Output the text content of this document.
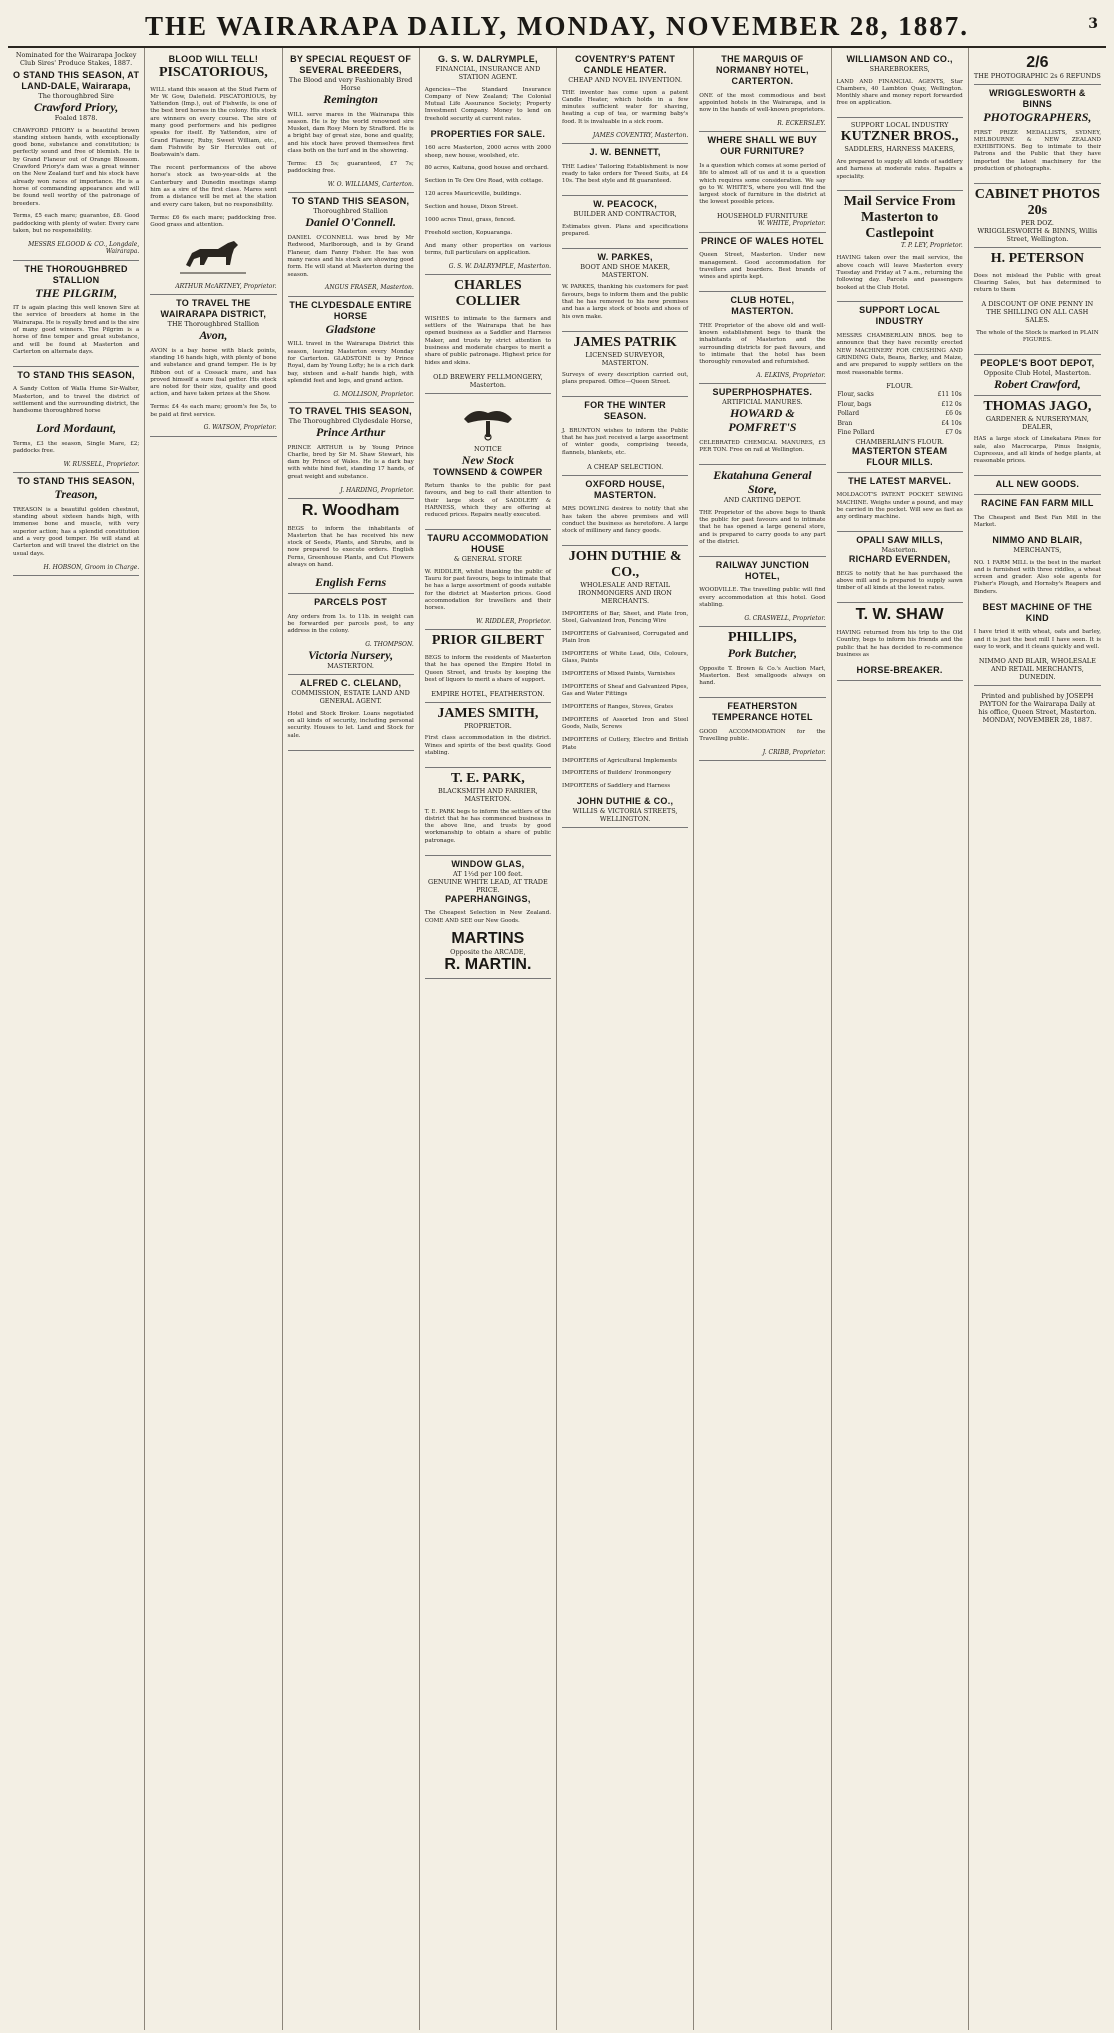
THE WAIRARAPA DAILY, MONDAY, NOVEMBER 28, 1887.	3
Nominated for the Wairarapa Jockey Club Sires' Produce Stakes, 1887.
O STAND THIS SEASON, AT LAND-DALE, Wairarapa,
The thoroughbred Sire
Crawford Priory,
Foaled 1878.

CRAWFORD PRIORY is a beautiful brown standing sixteen hands, with exceptionally good bone, substance and constitution; is perfectly sound and free of blemish. He is by Grand Flaneur out of Orange Blossom. Crawford Priory's dam was a great winner on the New Zealand turf and his stock have already won races of importance. He is a horse of commanding appearance and will be found well worthy of the patronage of breeders.

Terms, £5 each mare; guarantee, £8. Good paddocking with plenty of water. Every care taken, but no responsibility.

MESSRS ELGOOD & CO., Longdale, Wairarapa.
THE THOROUGHBRED STALLION
THE PILGRIM,

IT is again placing this well known Sire at the service of breeders at home in the Wairarapa. He is royally bred and is the sire of many good winners. The Pilgrim is a horse of fine temper and great substance, and will be found at Masterton and Carterton on alternate days.

TO STAND THIS SEASON,

A Sandy Cotton of Walla Hume Sir-Walter, Masterton, and to travel the district of settlement and the surrounding district, the handsome thoroughbred horse

Lord Mordaunt,

Terms, £3 the season, Single Mare, £2; paddocks free.

W. RUSSELL, Proprietor.
TO STAND THIS SEASON,
Treason,

TREASON is a beautiful golden chestnut, standing about sixteen hands high, with immense bone and muscle, with very superior action; has a splendid constitution and a very good temper. He will stand at Carterton and will travel the district on the usual days.

H. HOBSON, Groom in Charge.
BLOOD WILL TELL!
PISCATORIOUS,

WILL stand this season at the Stud Farm of Mr W. Gow, Dalefield. PISCATORIOUS, by Yattendon (Imp.), out of Fishwife, is one of the best bred horses in the colony. His stock are winners on every course. The sire of many good performers and his pedigree speaks for itself. By Yattendon, sire of Grand Flaneur, Ruby, Sweet William, etc., dam Fishwife by Sir Hercules out of Boatswain's dam.

The recent performances of the above horse's stock as two-year-olds at the Canterbury and Dunedin meetings stamp him as a sire of the first class. Mares sent from a distance will be met at the station and every care taken, but no responsibility.

Terms: £6 6s each mare; paddocking free. Good grass and attention.

ARTHUR McARTNEY, Proprietor.
TO TRAVEL THE WAIRARAPA DISTRICT,
THE Thoroughbred Stallion
Avon,

AVON is a bay horse with black points, standing 16 hands high, with plenty of bone and substance and grand temper. He is by Ribbon out of a Cossack mare, and has proved himself a sure foal getter. His stock are noted for their size, quality and good action, and have taken prizes at the Show.

Terms: £4 4s each mare; groom's fee 5s, to be paid at first service.

G. WATSON, Proprietor.
BY SPECIAL REQUEST OF SEVERAL BREEDERS,
The Blood and very Fashionably Bred Horse
Remington

WILL serve mares in the Wairarapa this season. He is by the world renowned sire Musket, dam Rosy Morn by Strafford. He is a bright bay of great size, bone and quality, and his stock have proved themselves first class both on the turf and in the showring.

Terms: £5 5s; guaranteed, £7 7s; paddocking free.

W. O. WILLIAMS, Carterton.
TO STAND THIS SEASON,
Thoroughbred Stallion
Daniel O'Connell.

DANIEL O'CONNELL was bred by Mr Redwood, Marlborough, and is by Grand Flaneur, dam Fanny Fisher. He has won many races and his stock are showing good form. He will stand at Masterton during the season.

ANGUS FRASER, Masterton.
THE CLYDESDALE ENTIRE HORSE
Gladstone

WILL travel in the Wairarapa District this season, leaving Masterton every Monday for Carterton. GLADSTONE is by Prince Royal, dam by Young Lofty; he is a rich dark bay, sixteen and a-half hands high, with splendid feet and legs, and grand action.

G. MOLLISON, Proprietor.
TO TRAVEL THIS SEASON,
The Thoroughbred Clydesdale Horse,
Prince Arthur

PRINCE ARTHUR is by Young Prince Charlie, bred by Sir M. Shaw Stewart, his dam by Prince of Wales. He is a dark bay with white hind feet, standing 17 hands, of great weight and substance.

J. HARDING, Proprietor.
R. Woodham

BEGS to inform the inhabitants of Masterton that he has received his new stock of Seeds, Plants, and Shrubs, and is now prepared to execute orders. English Ferns, Greenhouse Plants, and Cut Flowers always on hand.

English Ferns
PARCELS POST

Any orders from 1s. to 11b. in weight can be forwarded per parcels post, to any address in the colony.

G. THOMPSON.
Victoria Nursery,
MASTERTON.
ALFRED C. CLELAND,
COMMISSION, ESTATE LAND AND GENERAL AGENT.

Hotel and Stock Broker. Loans negotiated on all kinds of security, including personal security. Houses to let. Land and Stock for sale.

G. S. W. DALRYMPLE,
FINANCIAL, INSURANCE AND STATION AGENT.

Agencies—The Standard Insurance Company of New Zealand; The Colonial Mutual Life Assurance Society; Property Investment Company. Money to lend on freehold security at current rates.

PROPERTIES FOR SALE.

160 acre Masterton, 2000 acres with 2000 sheep, new house, woolshed, etc.

80 acres, Kaituna, good house and orchard.

Section in Te Ore Ore Road, with cottage.

120 acres Mauriceville, buildings.

Section and house, Dixon Street.

1000 acres Tinui, grass, fenced.

Freehold section, Kopuaranga.

And many other properties on various terms, full particulars on application.

G. S. W. DALRYMPLE, Masterton.
CHARLES COLLIER

WISHES to intimate to the farmers and settlers of the Wairarapa that he has opened business as a Saddler and Harness Maker, and trusts by strict attention to business and moderate charges to merit a share of public patronage. Highest price for hides and skins.

OLD BREWERY FELLMONGERY, Masterton.
NOTICE
New Stock
TOWNSEND & COWPER

Return thanks to the public for past favours, and beg to call their attention to their large stock of SADDLERY & HARNESS, which they are offering at reduced prices. Repairs neatly executed.

TAURU ACCOMMODATION HOUSE
& GENERAL STORE

W. RIDDLER, whilst thanking the public of Tauru for past favours, begs to intimate that he has a large assortment of goods suitable for the district at Masterton prices. Good accommodation for travellers and their horses.

W. RIDDLER, Proprietor.
PRIOR GILBERT

BEGS to inform the residents of Masterton that he has opened the Empire Hotel in Queen Street, and trusts by keeping the best of liquors to merit a share of support.

EMPIRE HOTEL, FEATHERSTON.
JAMES SMITH,
PROPRIETOR.

First class accommodation in the district. Wines and spirits of the best quality. Good stabling.

T. E. PARK,
BLACKSMITH AND FARRIER, MASTERTON.

T. E. PARK begs to inform the settlers of the district that he has commenced business in the above line, and trusts by good workmanship to obtain a share of public patronage.

WINDOW GLAS,
AT 1½d per 100 feet.
GENUINE WHITE LEAD, AT TRADE PRICE.
PAPERHANGINGS,

The Cheapest Selection in New Zealand. COME AND SEE our New Goods.

MARTINS
Opposite the ARCADE,
R. MARTIN.
COVENTRY'S PATENT CANDLE HEATER.
CHEAP AND NOVEL INVENTION.

THE inventor has come upon a patent Candle Heater, which holds in a few minutes sufficient water for shaving, heating a cup of tea, or warming baby's food. It is invaluable in a sick room.

JAMES COVENTRY, Masterton.
J. W. BENNETT,

THE Ladies' Tailoring Establishment is now ready to take orders for Tweed Suits, at £4 10s. The best style and fit guaranteed.

W. PEACOCK,
BUILDER AND CONTRACTOR,

Estimates given. Plans and specifications prepared.

W. PARKES,
BOOT AND SHOE MAKER, MASTERTON.

W. PARKES, thanking his customers for past favours, begs to inform them and the public that he has removed to his new premises and has a large stock of boots and shoes of his own make.

JAMES PATRIK
LICENSED SURVEYOR, MASTERTON.

Surveys of every description carried out, plans prepared. Office—Queen Street.

FOR THE WINTER SEASON.

J. BRUNTON wishes to inform the Public that he has just received a large assortment of winter goods, comprising tweeds, flannels, blankets, etc.

A CHEAP SELECTION.
OXFORD HOUSE, MASTERTON.

MRS DOWLING desires to notify that she has taken the above premises and will conduct the business as heretofore. A large stock of millinery and fancy goods.

JOHN DUTHIE & CO.,
WHOLESALE AND RETAIL IRONMONGERS AND IRON MERCHANTS.

IMPORTERS of Bar, Sheet, and Plate Iron, Steel, Galvanized Iron, Fencing Wire

IMPORTERS of Galvanised, Corrugated and Plain Iron

IMPORTERS of White Lead, Oils, Colours, Glass, Paints

IMPORTERS of Mixed Paints, Varnishes

IMPORTERS of Sheaf and Galvanized Pipes, Gas and Water Fittings

IMPORTERS of Ranges, Stoves, Grates

IMPORTERS of Assorted Iron and Steel Goods, Nails, Screws

IMPORTERS of Cutlery, Electro and British Plate

IMPORTERS of Agricultural Implements

IMPORTERS of Builders' Ironmongery

IMPORTERS of Saddlery and Harness

JOHN DUTHIE & CO.,
WILLIS & VICTORIA STREETS, WELLINGTON.
THE MARQUIS OF NORMANBY HOTEL, CARTERTON.

ONE of the most commodious and best appointed hotels in the Wairarapa, and is now in the hands of well-known proprietors.

R. ECKERSLEY.
WHERE SHALL WE BUY OUR FURNITURE?

Is a question which comes at some period of life to almost all of us and it is a question which requires some consideration. We say go to W. WHITE'S, where you will find the largest stock of furniture in the district at the lowest possible prices.

HOUSEHOLD FURNITURE
W. WHITE, Proprietor.
PRINCE OF WALES HOTEL

Queen Street, Masterton. Under new management. Good accommodation for travellers and boarders. Best brands of wines and spirits kept.

CLUB HOTEL, MASTERTON.

THE Proprietor of the above old and well-known establishment begs to thank the inhabitants of Masterton and the surrounding districts for past favours, and to intimate that the hotel has been thoroughly renovated and refurnished.

A. ELKINS, Proprietor.
SUPERPHOSPHATES.
ARTIFICIAL MANURES.
HOWARD & POMFRET'S

CELEBRATED CHEMICAL MANURES, £5 PER TON. Free on rail at Wellington.

Ekatahuna General Store,
AND CARTING DEPOT.

THE Proprietor of the above begs to thank the public for past favours and to intimate that he has opened a large general store, and is prepared to carry goods to any part of the district.

RAILWAY JUNCTION HOTEL,

WOODVILLE. The travelling public will find every accommodation at this hotel. Good stabling.

G. CRASWELL, Proprietor.
PHILLIPS,
Pork Butcher,

Opposite T. Brown & Co.'s Auction Mart, Masterton. Best smallgoods always on hand.

FEATHERSTON TEMPERANCE HOTEL

GOOD ACCOMMODATION for the Travelling public.

J. CRIBB, Proprietor.
WILLIAMSON AND CO.,
SHAREBROKERS,

LAND AND FINANCIAL AGENTS, Star Chambers, 40 Lambton Quay, Wellington. Monthly share and money report forwarded free on application.

SUPPORT LOCAL INDUSTRY
KUTZNER BROS.,
SADDLERS, HARNESS MAKERS,

Are prepared to supply all kinds of saddlery and harness at moderate rates. Repairs a speciality.

Mail Service From Masterton to Castlepoint
T. P. LEY, Proprietor.

HAVING taken over the mail service, the above coach will leave Masterton every Tuesday and Friday at 7 a.m., returning the following day. Parcels and passengers booked at the Club Hotel.

SUPPORT LOCAL INDUSTRY

MESSRS CHAMBERLAIN BROS. beg to announce that they have recently erected NEW MACHINERY FOR CRUSHING AND GRINDING Oats, Beans, Barley, and Maize, and are prepared to supply settlers on the most reasonable terms.

FLOUR.
Flour, sacks	£11 10s
Flour, bags	£12 0s
Pollard	£6 0s
Bran	£4 10s
Fine Pollard	£7 0s
CHAMBERLAIN'S FLOUR.
MASTERTON STEAM FLOUR MILLS.
THE LATEST MARVEL.

MOLDACOT'S PATENT POCKET SEWING MACHINE. Weighs under a pound, and may be carried in the pocket. Will sew as fast as any ordinary machine.

OPALI SAW MILLS,
Masterton.
RICHARD EVERNDEN,

BEGS to notify that he has purchased the above mill and is prepared to supply sawn timber of all kinds at the lowest rates.

T. W. SHAW

HAVING returned from his trip to the Old Country, begs to inform his friends and the public that he has decided to re-commence business as

HORSE-BREAKER.
2/6
THE PHOTOGRAPHIC 2s 6 REFUNDS
WRIGGLESWORTH & BINNS
PHOTOGRAPHERS,

FIRST PRIZE MEDALLISTS, SYDNEY, MELBOURNE & NEW ZEALAND EXHIBITIONS. Beg to intimate to their Patrons and the Public that they have imported the latest machinery for the production of photographs.

CABINET PHOTOS 20s
PER DOZ.
WRIGGLESWORTH & BINNS, Willis Street, Wellington.
H. PETERSON

Does not mislead the Public with great Clearing Sales, but has determined to return to them

A DISCOUNT OF ONE PENNY IN THE SHILLING ON ALL CASH SALES.

The whole of the Stock is marked in PLAIN FIGURES.

PEOPLE'S BOOT DEPOT,
Opposite Club Hotel, Masterton.
Robert Crawford,
THOMAS JAGO,
GARDENER & NURSERYMAN, DEALER,

HAS a large stock of Linekatara Pines for sale, also Macrocarpa, Pinus Insignis, Cupressus, and all kinds of hedge plants, at reasonable prices.

ALL NEW GOODS.
RACINE FAN FARM MILL

The Cheapest and Best Fan Mill in the Market.

NIMMO AND BLAIR,
MERCHANTS,

NO. 1 FARM MILL is the best in the market and is furnished with three riddles, a wheat screen and grader. Also sole agents for Fisher's Plough, and Hornsby's Reapers and Binders.

BEST MACHINE OF THE KIND

I have tried it with wheat, oats and barley, and it is just the best mill I have seen. It is easy to work, and it cleans quickly and well.

NIMMO AND BLAIR, WHOLESALE AND RETAIL MERCHANTS, DUNEDIN.

Printed and published by JOSEPH PAYTON for the Wairarapa Daily at his office, Queen Street, Masterton. MONDAY, NOVEMBER 28, 1887.
